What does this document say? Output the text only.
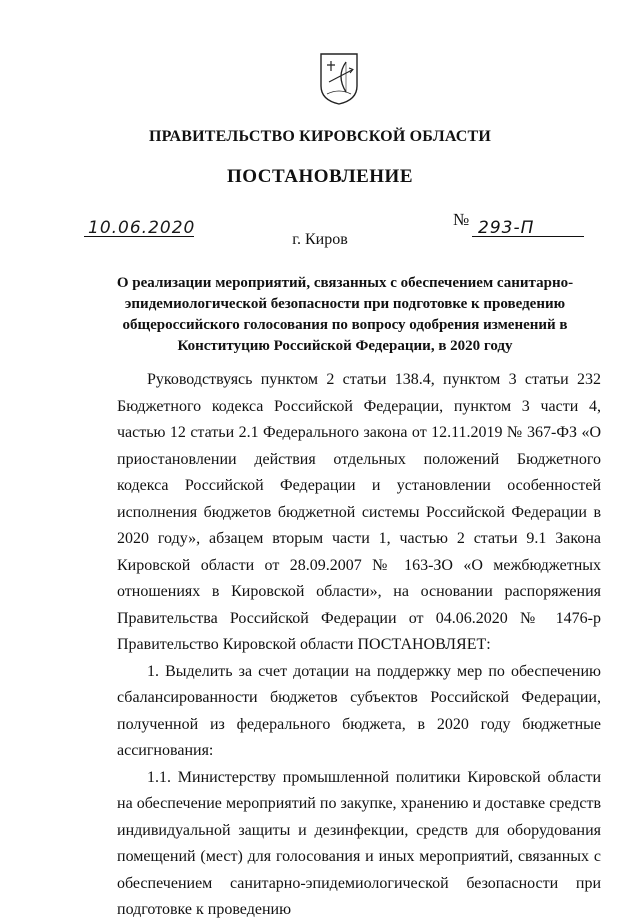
ПРАВИТЕЛЬСТВО КИРОВСКОЙ ОБЛАСТИ
ПОСТАНОВЛЕНИЕ
10.06.2020	№ 293-П
г. Киров
О реализации мероприятий, связанных с обеспечением санитарно-эпидемиологической безопасности при подготовке к проведению общероссийского голосования по вопросу одобрения изменений в Конституцию Российской Федерации, в 2020 году

Руководствуясь пунктом 2 статьи 138.4, пунктом 3 статьи 232 Бюджетного кодекса Российской Федерации, пунктом 3 части 4, частью 12 статьи 2.1 Федерального закона от 12.11.2019 № 367-ФЗ «О приостановлении действия отдельных положений Бюджетного кодекса Российской Федерации и установлении особенностей исполнения бюджетов бюджетной системы Российской Федерации в 2020 году», абзацем вторым части 1, частью 2 статьи 9.1 Закона Кировской области от 28.09.2007 № 163-ЗО «О межбюджетных отношениях в Кировской области», на основании распоряжения Правительства Российской Федерации от 04.06.2020 № 1476-р Правительство Кировской области ПОСТАНОВЛЯЕТ:

1. Выделить за счет дотации на поддержку мер по обеспечению сбалансированности бюджетов субъектов Российской Федерации, полученной из федерального бюджета, в 2020 году бюджетные ассигнования:

1.1. Министерству промышленной политики Кировской области на обеспечение мероприятий по закупке, хранению и доставке средств индивидуальной защиты и дезинфекции, средств для оборудования помещений (мест) для голосования и иных мероприятий, связанных с обеспечением санитарно-эпидемиологической безопасности при подготовке к проведению
